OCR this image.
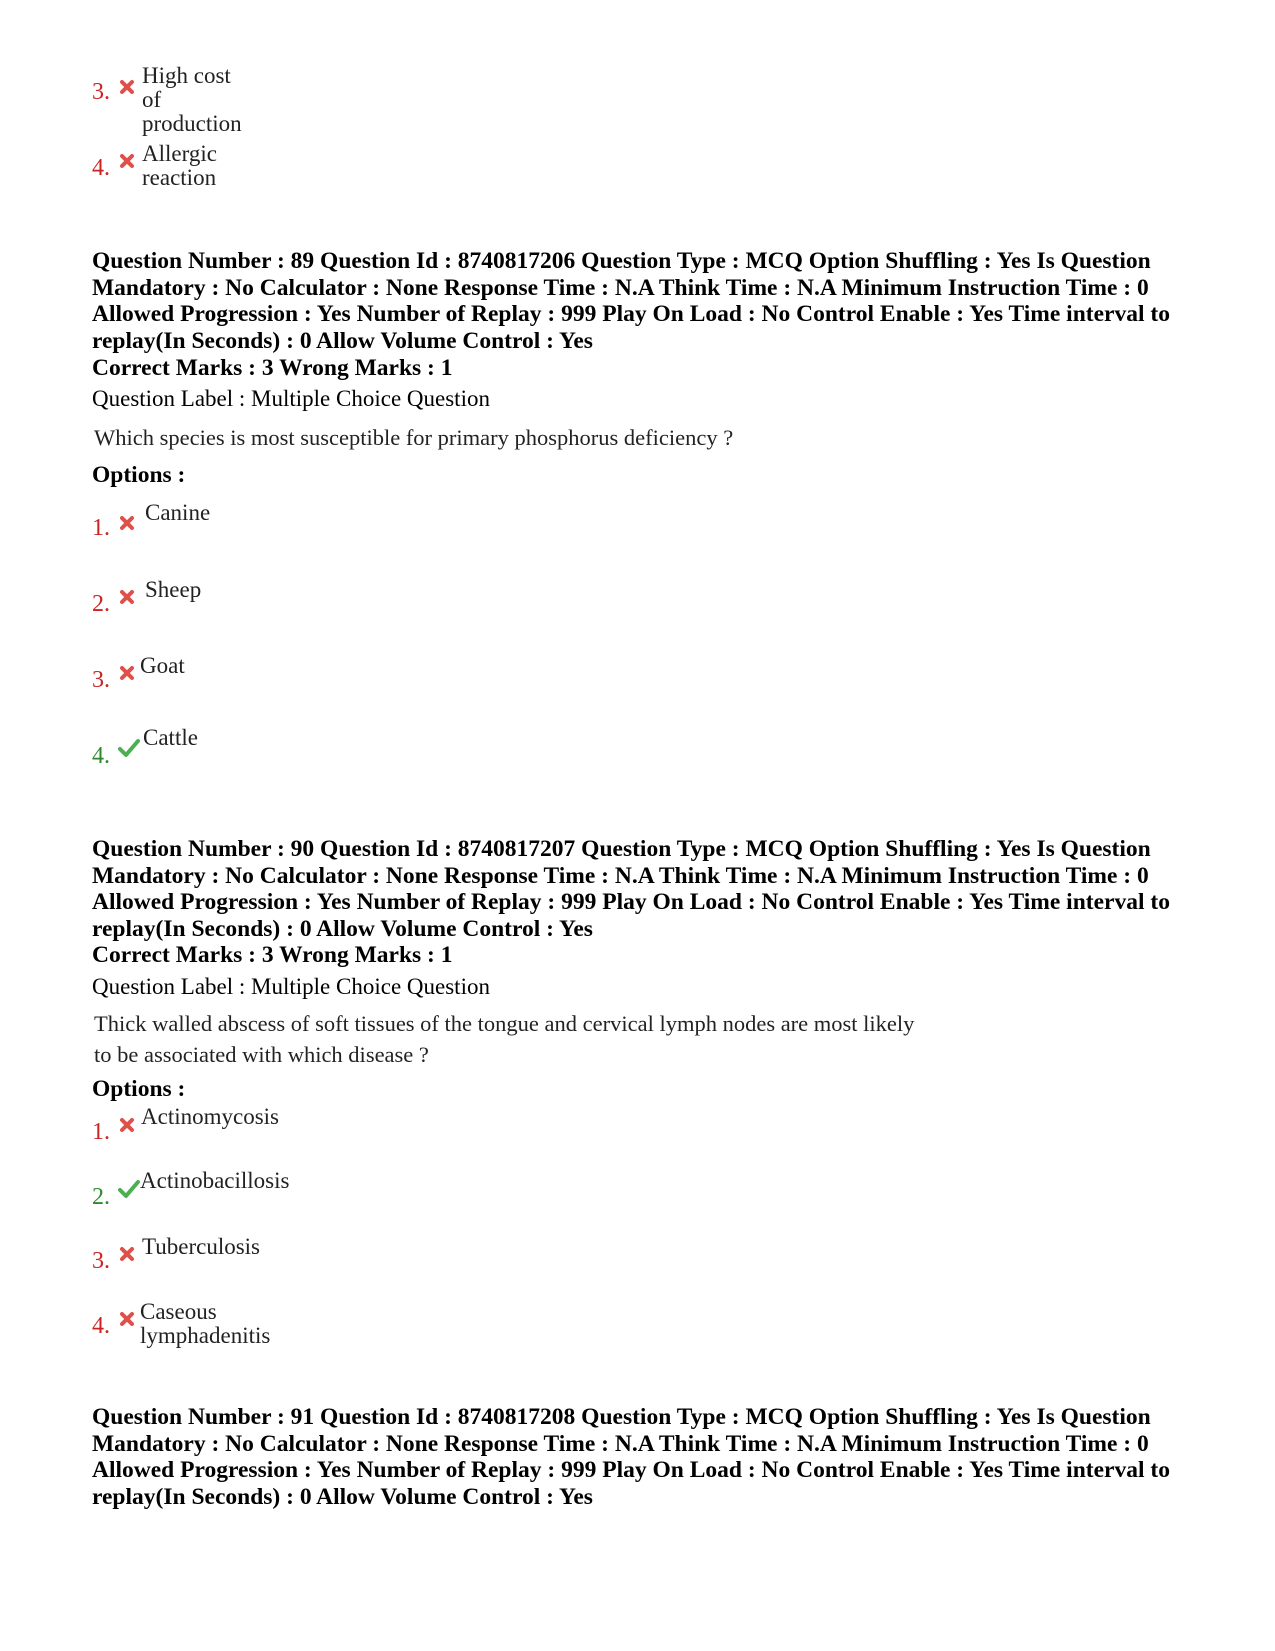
3.
High cost of production
4.
Allergic reaction
Question Number : 89 Question Id : 8740817206 Question Type : MCQ Option Shuffling : Yes Is Question Mandatory : No Calculator : None Response Time : N.A Think Time : N.A Minimum Instruction Time : 0 Allowed Progression : Yes Number of Replay : 999 Play On Load : No Control Enable : Yes Time interval to replay(In Seconds) : 0 Allow Volume Control : Yes
Correct Marks : 3 Wrong Marks : 1
Question Label : Multiple Choice Question
Which species is most susceptible for primary phosphorus deficiency ?
Options :
1.
Canine
2.
Sheep
3.
Goat
4.
Cattle
Question Number : 90 Question Id : 8740817207 Question Type : MCQ Option Shuffling : Yes Is Question Mandatory : No Calculator : None Response Time : N.A Think Time : N.A Minimum Instruction Time : 0 Allowed Progression : Yes Number of Replay : 999 Play On Load : No Control Enable : Yes Time interval to replay(In Seconds) : 0 Allow Volume Control : Yes
Correct Marks : 3 Wrong Marks : 1
Question Label : Multiple Choice Question
Thick walled abscess of soft tissues of the tongue and cervical lymph nodes are most likely to be associated with which disease ?
Options :
1.
Actinomycosis
2.
Actinobacillosis
3.
Tuberculosis
4.
Caseous lymphadenitis
Question Number : 91 Question Id : 8740817208 Question Type : MCQ Option Shuffling : Yes Is Question Mandatory : No Calculator : None Response Time : N.A Think Time : N.A Minimum Instruction Time : 0 Allowed Progression : Yes Number of Replay : 999 Play On Load : No Control Enable : Yes Time interval to replay(In Seconds) : 0 Allow Volume Control : Yes
